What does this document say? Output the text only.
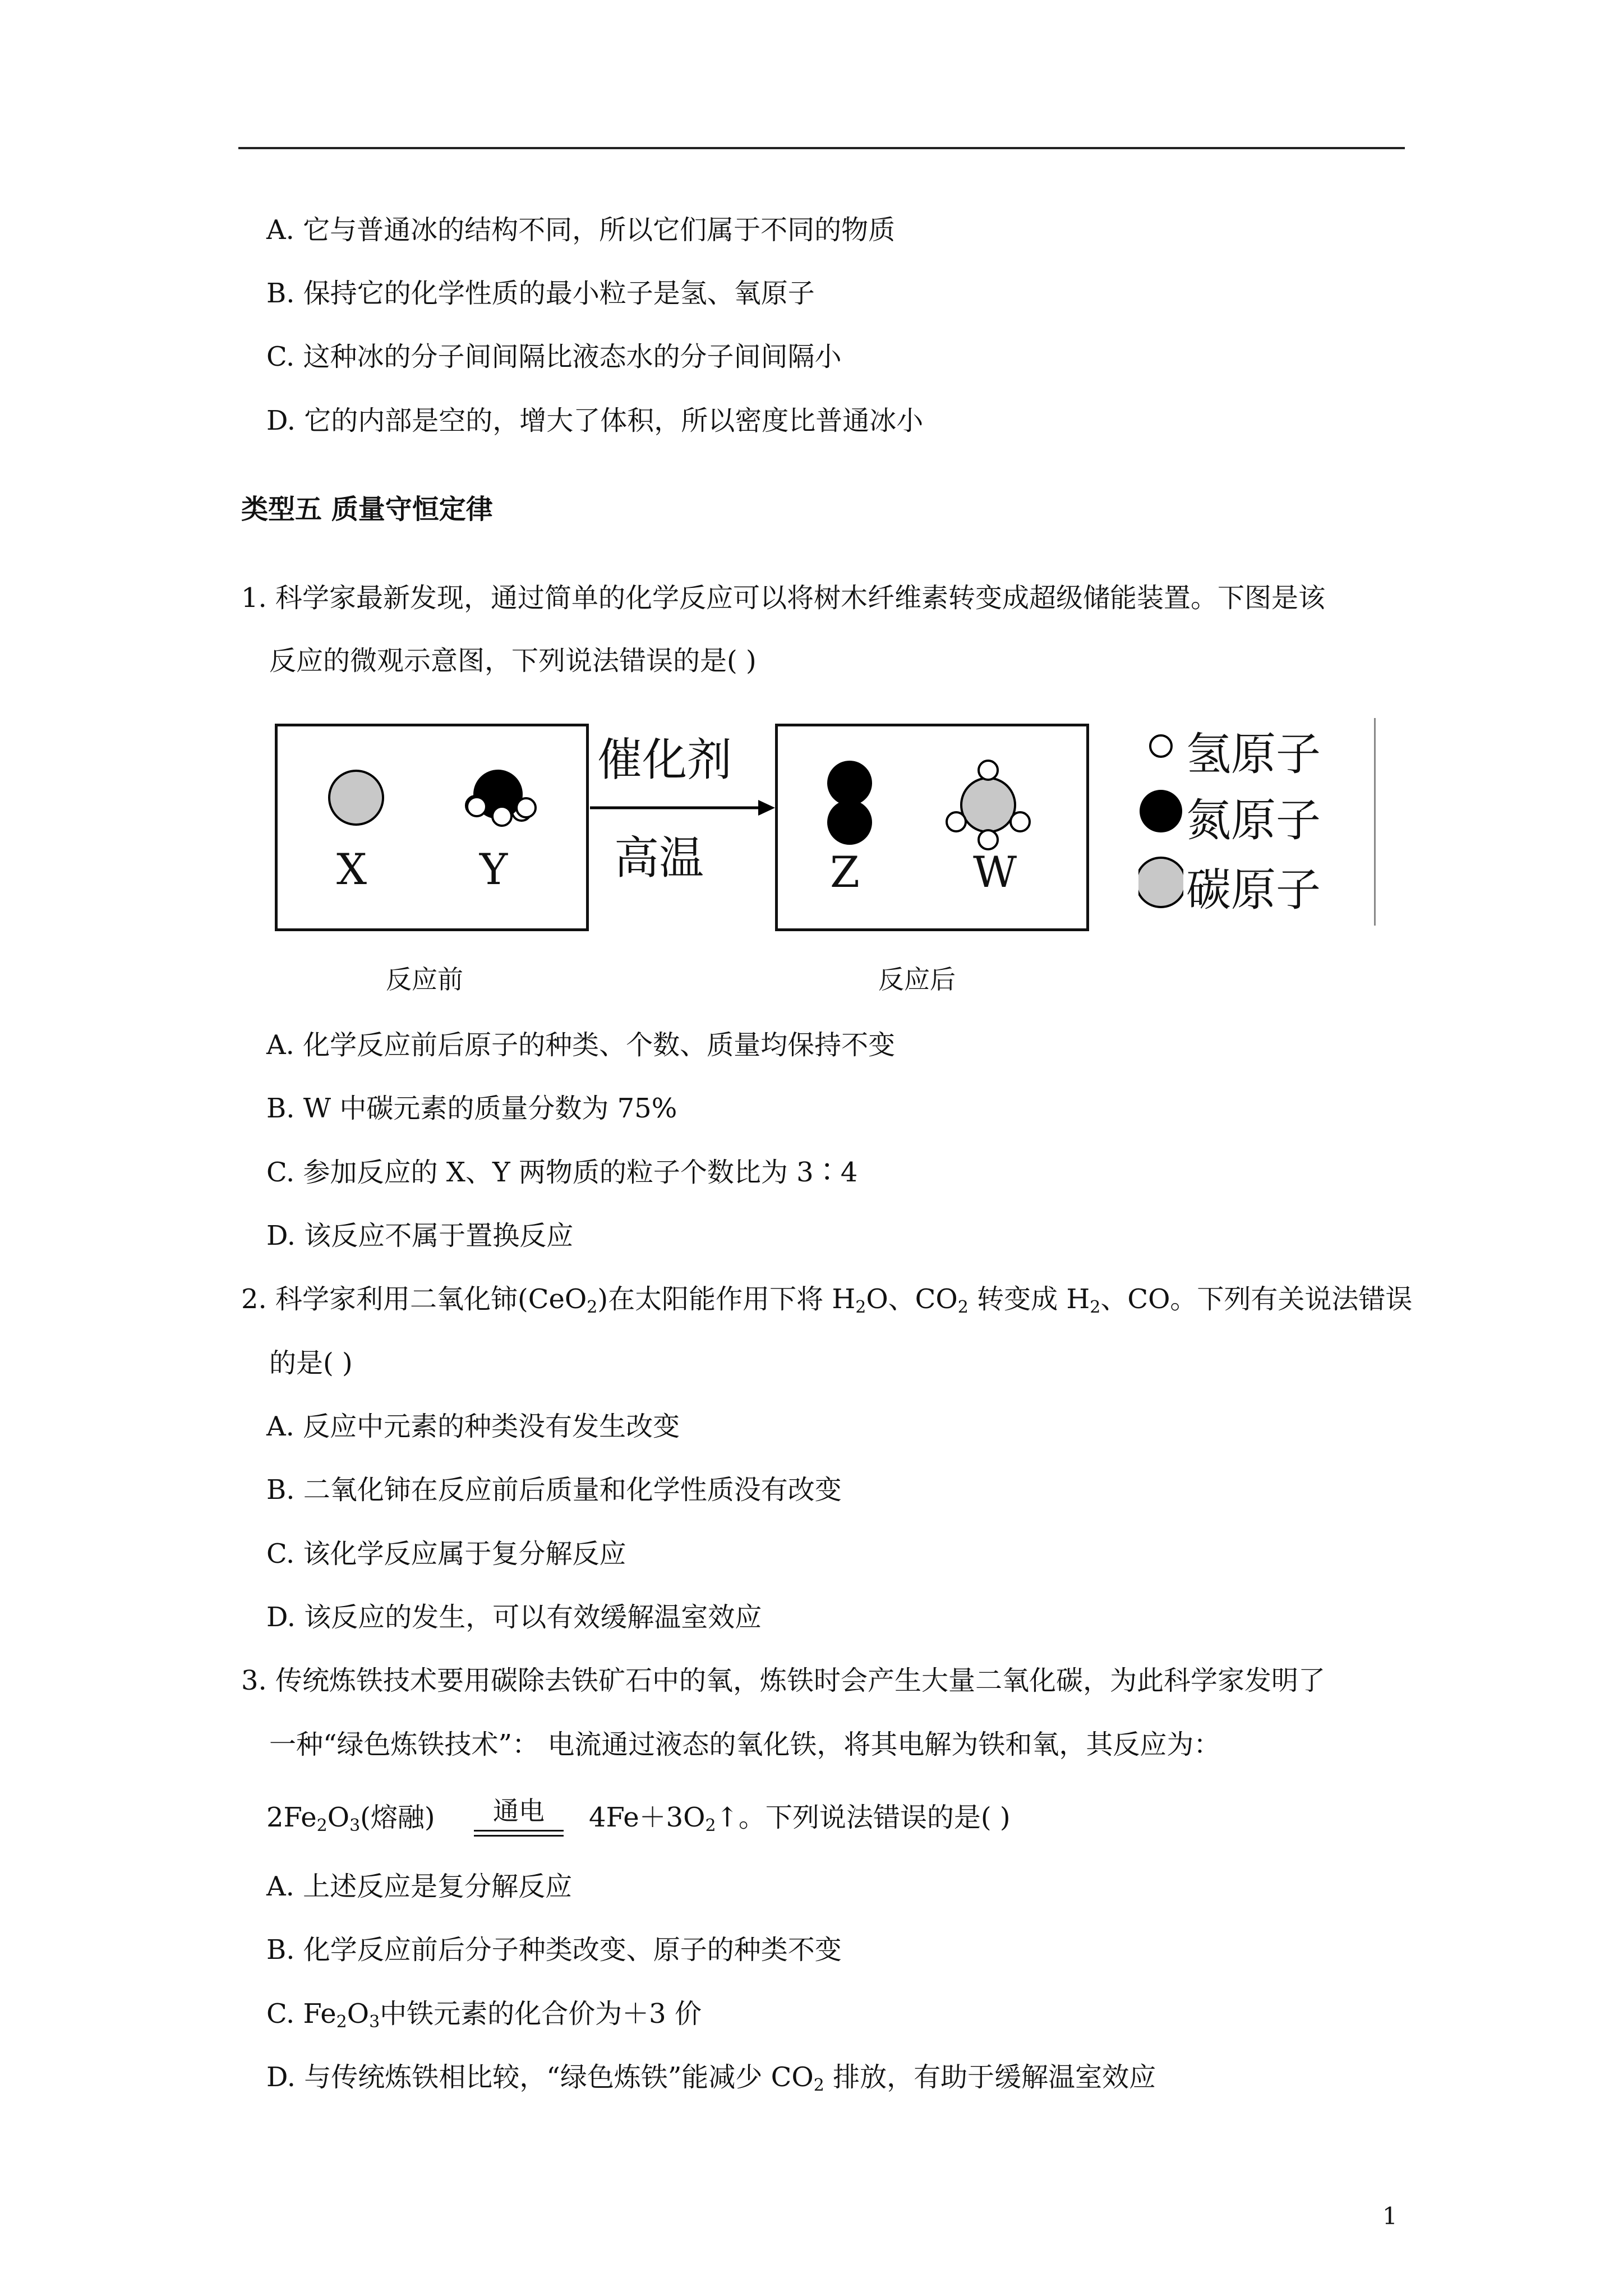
A. 它与普通冰的结构不同，所以它们属于不同的物质
B. 保持它的化学性质的最小粒子是氢、氧原子
C. 这种冰的分子间间隔比液态水的分子间间隔小
D. 它的内部是空的，增大了体积，所以密度比普通冰小
类型五 质量守恒定律
1. 科学家最新发现，通过简单的化学反应可以将树木纤维素转变成超级储能装置。下图是该
反应的微观示意图，下列说法错误的是( )
X	Y
催化剂
高温	Z	W
氢原子
氮原子
碳原子
反应前	反应后
A. 化学反应前后原子的种类、个数、质量均保持不变
B. W 中碳元素的质量分数为 75%
C. 参加反应的 X、Y 两物质的粒子个数比为 3∶4
D. 该反应不属于置换反应
2. 科学家利用二氧化铈(CeO$_2$)在太阳能作用下将 $H_2O$、$CO_2$ 转变成 $H_2$、CO。下列有关说法错误
的是( )
A. 反应中元素的种类没有发生改变
B. 二氧化铈在反应前后质量和化学性质没有改变
C. 该化学反应属于复分解反应
D. 该反应的发生，可以有效缓解温室效应
3. 传统炼铁技术要用碳除去铁矿石中的氧，炼铁时会产生大量二氧化碳，为此科学家发明了
一种“绿色炼铁技术”： 电流通过液态的氧化铁，将其电解为铁和氧，其反应为：
$2Fe_2O_3$(熔融)	通电	$4Fe+3O_2↑$。下列说法错误的是( )
A. 上述反应是复分解反应
B. 化学反应前后分子种类改变、原子的种类不变
C. $Fe_2O_3$中铁元素的化合价为＋3 价
D. 与传统炼铁相比较，“绿色炼铁”能减少 $CO_2$ 排放，有助于缓解温室效应
1
